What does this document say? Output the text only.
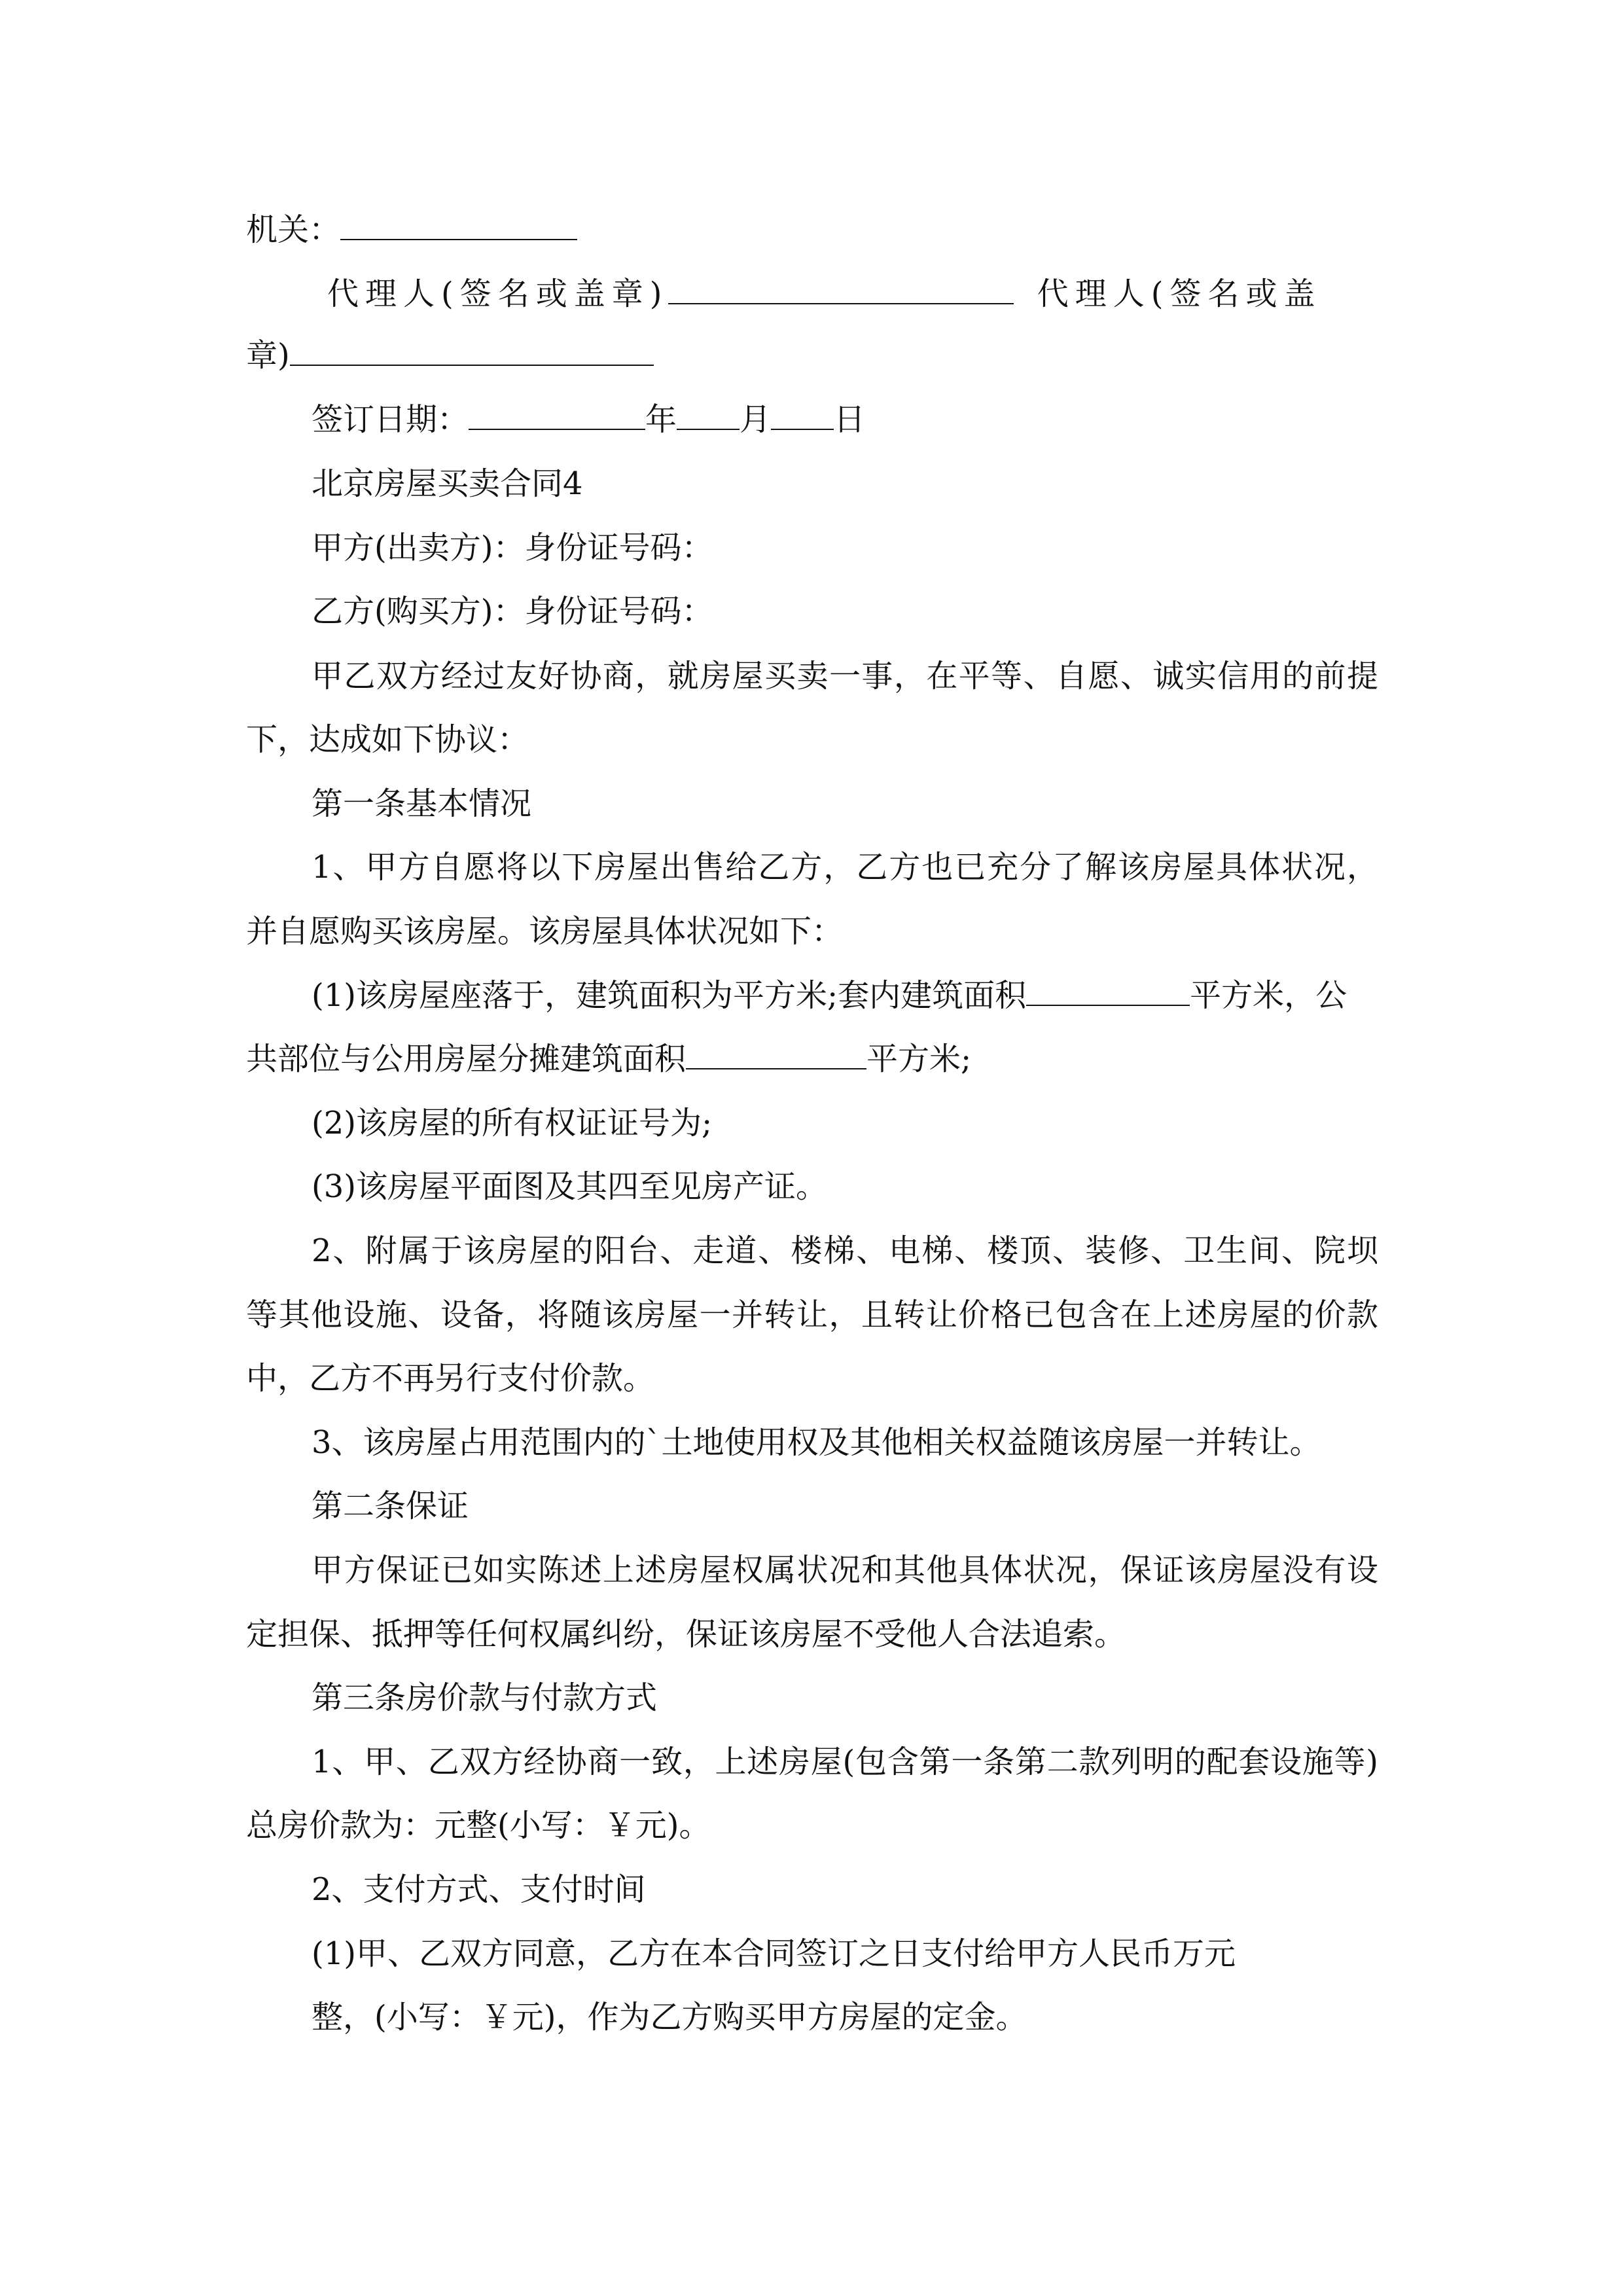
机关：
代理人(签名或盖章)	代理人(签名或盖
章)
签订日期：	年 月 日
北京房屋买卖合同4
甲方(出卖方)：身份证号码：
乙方(购买方)：身份证号码：
甲乙双方经过友好协商，就房屋买卖一事，在平等、自愿、诚实信用的前提
下，达成如下协议：
第一条基本情况
1、甲方自愿将以下房屋出售给乙方，乙方也已充分了解该房屋具体状况，
并自愿购买该房屋。该房屋具体状况如下：
(1)该房屋座落于，建筑面积为平方米;套内建筑面积	平方米，公
共部位与公用房屋分摊建筑面积	平方米;
(2)该房屋的所有权证证号为;
(3)该房屋平面图及其四至见房产证。
2、附属于该房屋的阳台、走道、楼梯、电梯、楼顶、装修、卫生间、院坝
等其他设施、设备，将随该房屋一并转让，且转让价格已包含在上述房屋的价款
中，乙方不再另行支付价款。
3、该房屋占用范围内的`土地使用权及其他相关权益随该房屋一并转让。
第二条保证
甲方保证已如实陈述上述房屋权属状况和其他具体状况，保证该房屋没有设
定担保、抵押等任何权属纠纷，保证该房屋不受他人合法追索。
第三条房价款与付款方式
1、甲、乙双方经协商一致，上述房屋(包含第一条第二款列明的配套设施等)
总房价款为：元整(小写：￥元)。
2、支付方式、支付时间
(1)甲、乙双方同意，乙方在本合同签订之日支付给甲方人民币万元
整，(小写：￥元)，作为乙方购买甲方房屋的定金。
